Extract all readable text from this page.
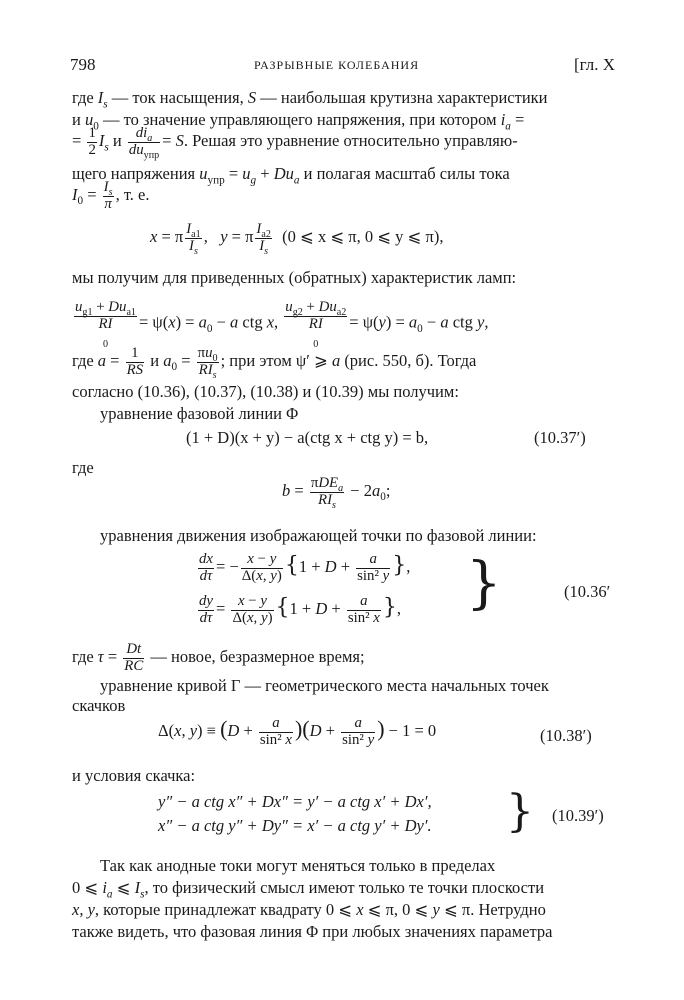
798	РАЗРЫВНЫЕ КОЛЕБАНИЯ	[гл. X
где $I_s$ — ток насыщения, S — наибольшая крутизна характеристики
и $u_0$ — то значение управляющего напряжения, при котором $i_a$ =
= $\frac{1}{2} I_s$ и $\frac{di_a}{du_{упр}} = S$. Решая это уравнение относительно управляю-
щего напряжения $u_{упр} = u_g + Du_a$ и полагая масштаб силы тока
$I_0 = \frac{I_s}{\pi}$ , т. е.
x = π $\frac{I_{a1}}{I_s}$ ,   y = π $\frac{I_{a2}}{I_s} (0$ ⩽ x ⩽ π, 0 ⩽ y ⩽ π),
мы получим для приведенных (обратных) характеристик ламп:
$u_{g1} + Du_{a1}$
RI
$_0= \psi(x) = a_0 - a$ ctg x,
$u_{g2} + Du_{a2}$
RI
$_0= \psi(y) = a_0 - a$ ctg y,
где $a = \frac{1}{RS}$ и $a_0 = \frac{\pi u_0}{RI_s}$ ; при этом ψ′ ⩾ a (рис. 550, б). Тогда
согласно (10.36), (10.37), (10.38) и (10.39) мы получим:
уравнение фазовой линии Φ
(1 + D)(x + y) − a(ctg x + ctg y) = b,	(10.37′)
где
$b = \frac{\pi DE_a}{RI_s} - 2a_0$;
уравнения движения изображающей точки по фазовой линии:
$\frac{dx}{d\tau}$ = − $\frac{x - y}{\Delta(x, y)} \{1 + D + \frac{a}{\text{sin² y}}$ },
$\frac{dy}{d\tau} = \frac{x - y}{\Delta(x, y)} \{1 + D + \frac{a}{\text{sin² x}}$ }, }	(10.36′
где $\tau = \frac{Dt}{RC}$ — новое, безразмерное время;
уравнение кривой Γ — геометрического места начальных точек
скачков
Δ(x, $y) \equiv (D + \frac{a}{\text{sin² x}} )(D + \frac{a}{\text{sin² y}}$ ) − 1 = 0	(10.38′)
и условия скачка:
y″ − a ctg x″ + Dx″ = y′ − a ctg x′ + Dx′,
x″ − a ctg y″ + Dy″ = x′ − a ctg y′ + Dy′. } (10.39′)
Так как анодные токи могут меняться только в пределах
0 ⩽ $i_a$ ⩽ $I_s$, то физический смысл имеют только те точки плоскости
x, y, которые принадлежат квадрату 0 ⩽ x ⩽ π, 0 ⩽ y ⩽ π. Нетрудно
также видеть, что фазовая линия Φ при любых значениях параметра
